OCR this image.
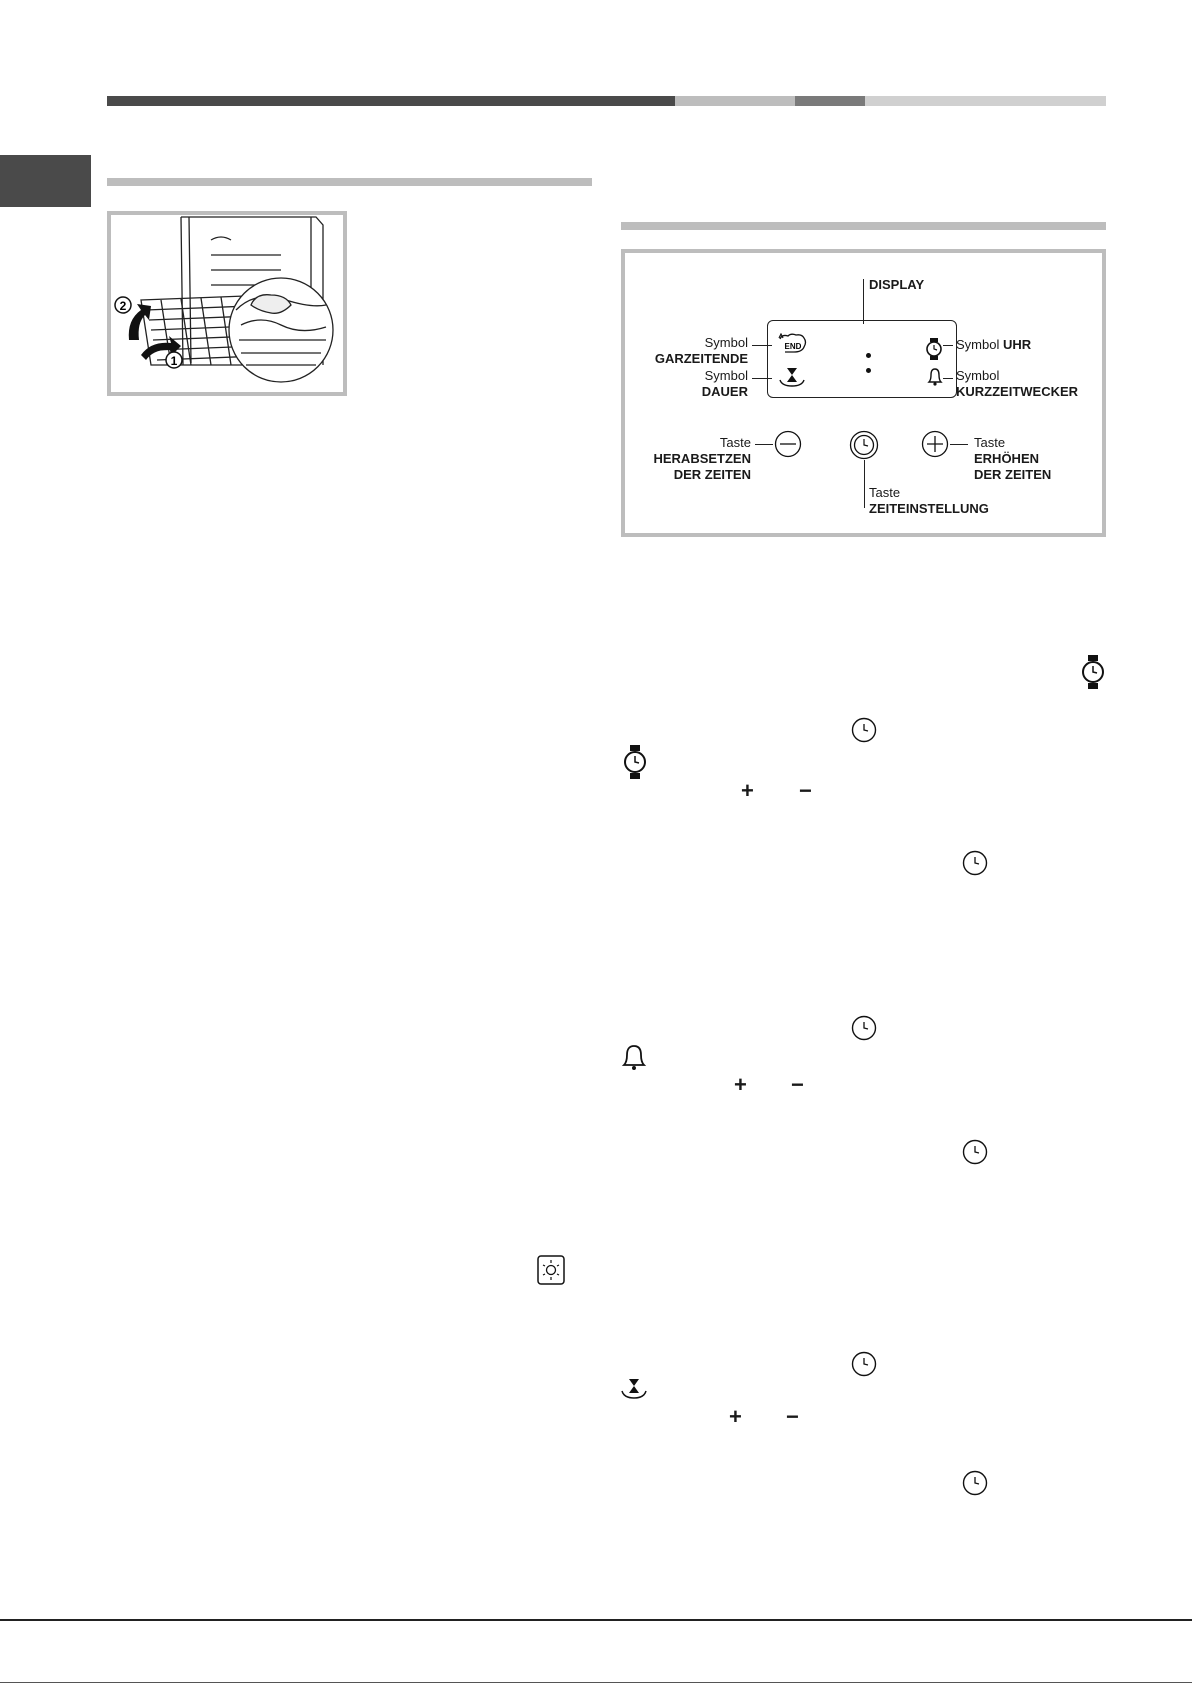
2
1
DISPLAY
END
Symbol
GARZEITENDE
Symbol
DAUER
Symbol UHR
Symbol
KURZZEITWECKER
Taste
HERABSETZEN
DER ZEITEN
Taste
ERHÖHEN
DER ZEITEN
Taste
ZEITEINSTELLUNG
+ −
+ −
+ −
